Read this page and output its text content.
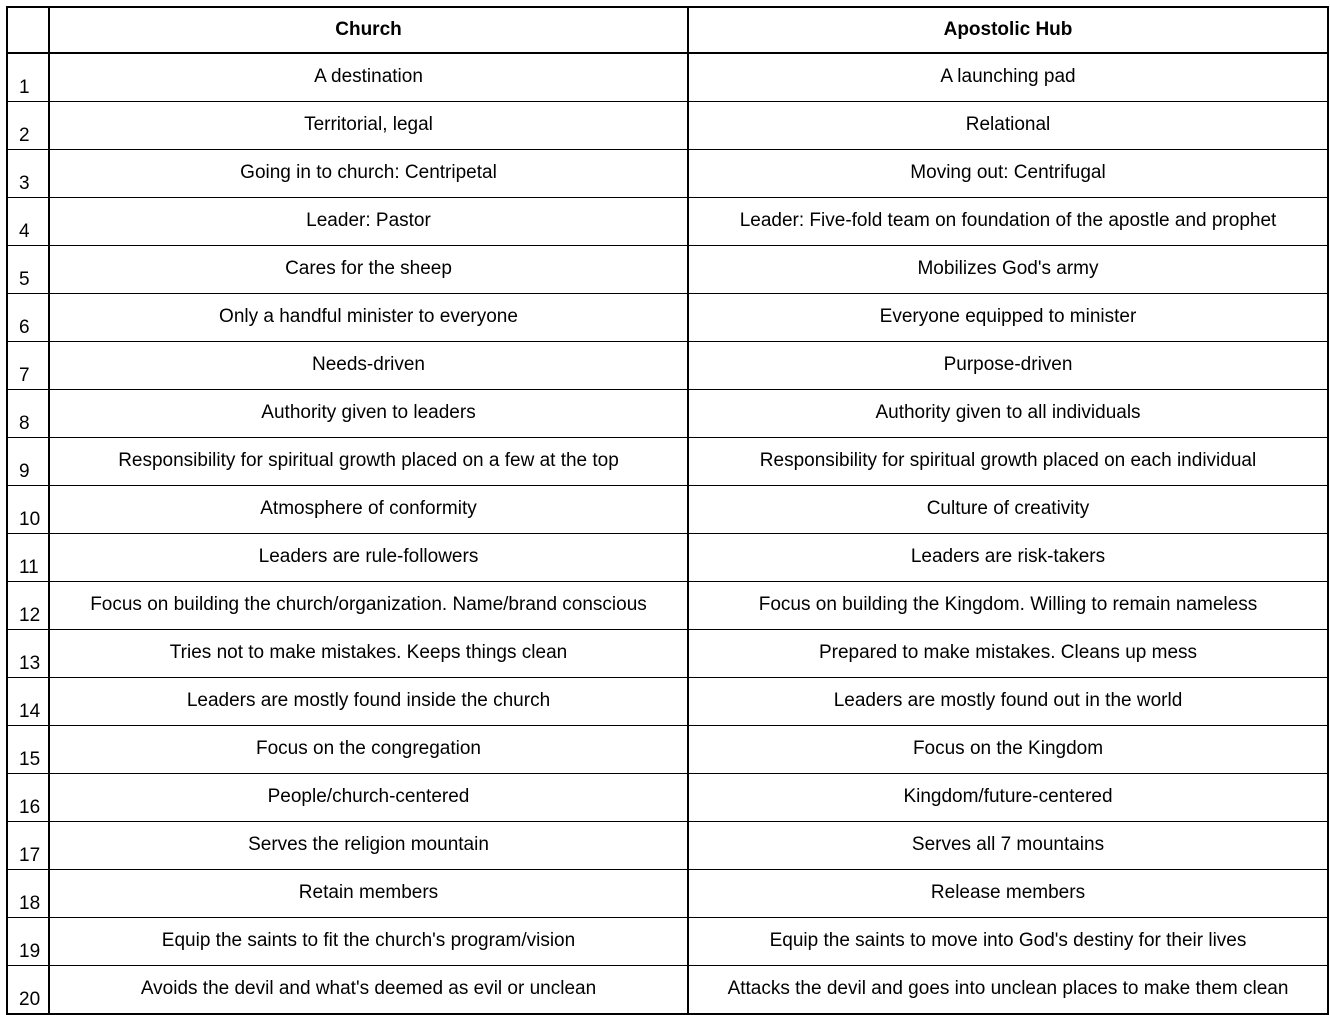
	Church	Apostolic Hub
1	A destination	A launching pad
2	Territorial, legal	Relational
3	Going in to church: Centripetal	Moving out: Centrifugal
4	Leader: Pastor	Leader: Five-fold team on foundation of the apostle and prophet
5	Cares for the sheep	Mobilizes God's army
6	Only a handful minister to everyone	Everyone equipped to minister
7	Needs-driven	Purpose-driven
8	Authority given to leaders	Authority given to all individuals
9	Responsibility for spiritual growth placed on a few at the top	Responsibility for spiritual growth placed on each individual
10	Atmosphere of conformity	Culture of creativity
11	Leaders are rule-followers	Leaders are risk-takers
12	Focus on building the church/organization. Name/brand conscious	Focus on building the Kingdom. Willing to remain nameless
13	Tries not to make mistakes. Keeps things clean	Prepared to make mistakes. Cleans up mess
14	Leaders are mostly found inside the church	Leaders are mostly found out in the world
15	Focus on the congregation	Focus on the Kingdom
16	People/church-centered	Kingdom/future-centered
17	Serves the religion mountain	Serves all 7 mountains
18	Retain members	Release members
19	Equip the saints to fit the church's program/vision	Equip the saints to move into God's destiny for their lives
20	Avoids the devil and what's deemed as evil or unclean	Attacks the devil and goes into unclean places to make them clean
